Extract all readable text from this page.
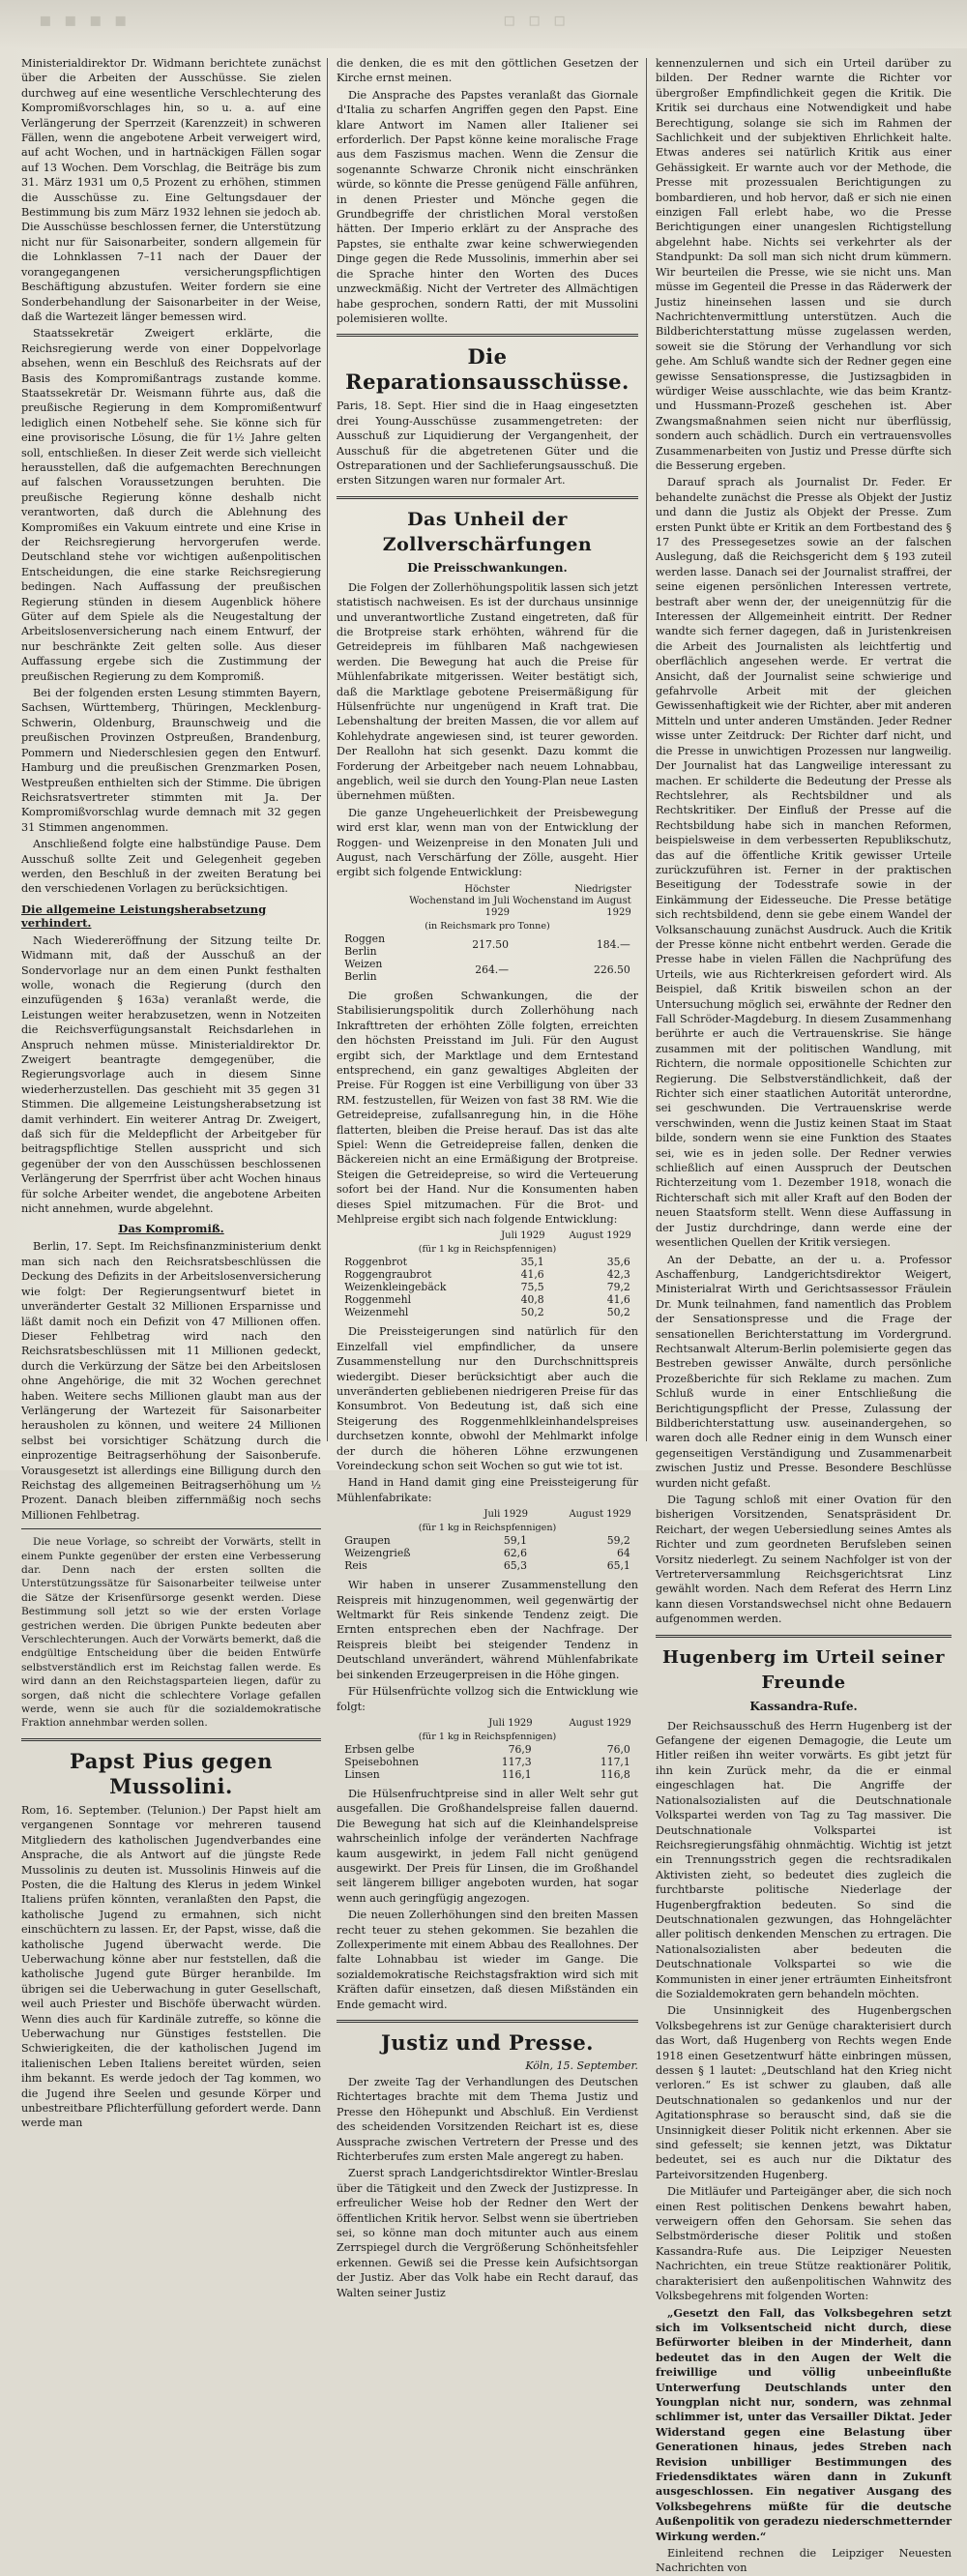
▪ ▪ ▪ ▪	▫ ▫ ▫

Ministerialdirektor Dr. Widmann berichtete zunächst über die Arbeiten der Ausschüsse. Sie zielen durchweg auf eine wesentliche Verschlechterung des Kompromißvorschlages hin, so u. a. auf eine Verlängerung der Sperrzeit (Karenzzeit) in schweren Fällen, wenn die angebotene Arbeit verweigert wird, auf acht Wochen, und in hartnäckigen Fällen sogar auf 13 Wochen. Dem Vorschlag, die Beiträge bis zum 31. März 1931 um 0,5 Prozent zu erhöhen, stimmen die Ausschüsse zu. Eine Geltungsdauer der Bestimmung bis zum März 1932 lehnen sie jedoch ab. Die Ausschüsse beschlossen ferner, die Unterstützung nicht nur für Saisonarbeiter, sondern allgemein für die Lohnklassen 7–11 nach der Dauer der vorangegangenen versicherungspflichtigen Beschäftigung abzustufen. Weiter fordern sie eine Sonderbehandlung der Saisonarbeiter in der Weise, daß die Wartezeit länger bemessen wird.

Staatssekretär Zweigert erklärte, die Reichsregierung werde von einer Doppelvorlage absehen, wenn ein Beschluß des Reichsrats auf der Basis des Kompromißantrags zustande komme. Staatssekretär Dr. Weismann führte aus, daß die preußische Regierung in dem Kompromißentwurf lediglich einen Notbehelf sehe. Sie könne sich für eine provisorische Lösung, die für 1½ Jahre gelten soll, entschließen. In dieser Zeit werde sich vielleicht herausstellen, daß die aufgemachten Berechnungen auf falschen Voraussetzungen beruhten. Die preußische Regierung könne deshalb nicht verantworten, daß durch die Ablehnung des Kompromißes ein Vakuum eintrete und eine Krise in der Reichsregierung hervorgerufen werde. Deutschland stehe vor wichtigen außenpolitischen Entscheidungen, die eine starke Reichsregierung bedingen. Nach Auffassung der preußischen Regierung stünden in diesem Augenblick höhere Güter auf dem Spiele als die Neugestaltung der Arbeitslosenversicherung nach einem Entwurf, der nur beschränkte Zeit gelten solle. Aus dieser Auffassung ergebe sich die Zustimmung der preußischen Regierung zu dem Kompromiß.

Bei der folgenden ersten Lesung stimmten Bayern, Sachsen, Württemberg, Thüringen, Mecklenburg-Schwerin, Oldenburg, Braunschweig und die preußischen Provinzen Ostpreußen, Brandenburg, Pommern und Niederschlesien gegen den Entwurf. Hamburg und die preußischen Grenzmarken Posen, Westpreußen enthielten sich der Stimme. Die übrigen Reichsratsvertreter stimmten mit Ja. Der Kompromißvorschlag wurde demnach mit 32 gegen 31 Stimmen angenommen.

Anschließend folgte eine halbstündige Pause. Dem Ausschuß sollte Zeit und Gelegenheit gegeben werden, den Beschluß in der zweiten Beratung bei den verschiedenen Vorlagen zu berücksichtigen.

Die allgemeine Leistungsherabsetzung verhindert.

Nach Wiedereröffnung der Sitzung teilte Dr. Widmann mit, daß der Ausschuß an der Sondervorlage nur an dem einen Punkt festhalten wolle, wonach die Regierung (durch den einzufügenden § 163a) veranlaßt werde, die Leistungen weiter herabzusetzen, wenn in Notzeiten die Reichsverfügungsanstalt Reichsdarlehen in Anspruch nehmen müsse. Ministerialdirektor Dr. Zweigert beantragte demgegenüber, die Regierungsvorlage auch in diesem Sinne wiederherzustellen. Das geschieht mit 35 gegen 31 Stimmen. Die allgemeine Leistungsherabsetzung ist damit verhindert. Ein weiterer Antrag Dr. Zweigert, daß sich für die Meldepflicht der Arbeitgeber für beitragspflichtige Stellen ausspricht und sich gegenüber der von den Ausschüssen beschlossenen Verlängerung der Sperrfrist über acht Wochen hinaus für solche Arbeiter wendet, die angebotene Arbeiten nicht annehmen, wurde abgelehnt.

Das Kompromiß.

Berlin, 17. Sept. Im Reichsfinanzministerium denkt man sich nach den Reichsratsbeschlüssen die Deckung des Defizits in der Arbeitslosenversicherung wie folgt: Der Regierungsentwurf bietet in unveränderter Gestalt 32 Millionen Ersparnisse und läßt damit noch ein Defizit von 47 Millionen offen. Dieser Fehlbetrag wird nach den Reichsratsbeschlüssen mit 11 Millionen gedeckt, durch die Verkürzung der Sätze bei den Arbeitslosen ohne Angehörige, die mit 32 Wochen gerechnet haben. Weitere sechs Millionen glaubt man aus der Verlängerung der Wartezeit für Saisonarbeiter herausholen zu können, und weitere 24 Millionen selbst bei vorsichtiger Schätzung durch die einprozentige Beitragserhöhung der Saisonberufe. Vorausgesetzt ist allerdings eine Billigung durch den Reichstag des allgemeinen Beitragserhöhung um ½ Prozent. Danach bleiben ziffernmäßig noch sechs Millionen Fehlbetrag.

Die neue Vorlage, so schreibt der Vorwärts, stellt in einem Punkte gegenüber der ersten eine Verbesserung dar. Denn nach der ersten sollten die Unterstützungssätze für Saisonarbeiter teilweise unter die Sätze der Krisenfürsorge gesenkt werden. Diese Bestimmung soll jetzt so wie der ersten Vorlage gestrichen werden. Die übrigen Punkte bedeuten aber Verschlechterungen. Auch der Vorwärts bemerkt, daß die endgültige Entscheidung über die beiden Entwürfe selbstverständlich erst im Reichstag fallen werde. Es wird dann an den Reichstagsparteien liegen, dafür zu sorgen, daß nicht die schlechtere Vorlage gefallen werde, wenn sie auch für die sozialdemokratische Fraktion annehmbar werden sollen.

Papst Pius gegen Mussolini.

Rom, 16. September. (Telunion.) Der Papst hielt am vergangenen Sonntage vor mehreren tausend Mitgliedern des katholischen Jugendverbandes eine Ansprache, die als Antwort auf die jüngste Rede Mussolinis zu deuten ist. Mussolinis Hinweis auf die Posten, die die Haltung des Klerus in jedem Winkel Italiens prüfen könnten, veranlaßten den Papst, die katholische Jugend zu ermahnen, sich nicht einschüchtern zu lassen. Er, der Papst, wisse, daß die katholische Jugend überwacht werde. Die Ueberwachung könne aber nur feststellen, daß die katholische Jugend gute Bürger heranbilde. Im übrigen sei die Ueberwachung in guter Gesellschaft, weil auch Priester und Bischöfe überwacht würden. Wenn dies auch für Kardinäle zutreffe, so könne die Ueberwachung nur Günstiges feststellen. Die Schwierigkeiten, die der katholischen Jugend im italienischen Leben Italiens bereitet würden, seien ihm bekannt. Es werde jedoch der Tag kommen, wo die Jugend ihre Seelen und gesunde Körper und unbestreitbare Pflichterfüllung gefordert werde. Dann werde man

die denken, die es mit den göttlichen Gesetzen der Kirche ernst meinen.

Die Ansprache des Papstes veranlaßt das Giornale d'Italia zu scharfen Angriffen gegen den Papst. Eine klare Antwort im Namen aller Italiener sei erforderlich. Der Papst könne keine moralische Frage aus dem Faszismus machen. Wenn die Zensur die sogenannte Schwarze Chronik nicht einschränken würde, so könnte die Presse genügend Fälle anführen, in denen Priester und Mönche gegen die Grundbegriffe der christlichen Moral verstoßen hätten. Der Imperio erklärt zu der Ansprache des Papstes, sie enthalte zwar keine schwerwiegenden Dinge gegen die Rede Mussolinis, immerhin aber sei die Sprache hinter den Worten des Duces unzweckmäßig. Nicht der Vertreter des Allmächtigen habe gesprochen, sondern Ratti, der mit Mussolini polemisieren wollte.

Die Reparationsausschüsse.

Paris, 18. Sept. Hier sind die in Haag eingesetzten drei Young-Ausschüsse zusammengetreten: der Ausschuß zur Liquidierung der Vergangenheit, der Ausschuß für die abgetretenen Güter und die Ostreparationen und der Sachlieferungsausschuß. Die ersten Sitzungen waren nur formaler Art.

Das Unheil der Zollverschärfungen
Die Preisschwankungen.

Die Folgen der Zollerhöhungspolitik lassen sich jetzt statistisch nachweisen. Es ist der durchaus unsinnige und unverantwortliche Zustand eingetreten, daß für die Brotpreise stark erhöhten, während für die Getreidepreis im fühlbaren Maß nachgewiesen werden. Die Bewegung hat auch die Preise für Mühlenfabrikate mitgerissen. Weiter bestätigt sich, daß die Marktlage gebotene Preisermäßigung für Hülsenfrüchte nur ungenügend in Kraft trat. Die Lebenshaltung der breiten Massen, die vor allem auf Kohlehydrate angewiesen sind, ist teurer geworden. Der Reallohn hat sich gesenkt. Dazu kommt die Forderung der Arbeitgeber nach neuem Lohnabbau, angeblich, weil sie durch den Young-Plan neue Lasten übernehmen müßten.

Die ganze Ungeheuerlichkeit der Preisbewegung wird erst klar, wenn man von der Entwicklung der Roggen- und Weizenpreise in den Monaten Juli und August, nach Verschärfung der Zölle, ausgeht. Hier ergibt sich folgende Entwicklung:

	Höchster Wochenstand im Juli 1929	Niedrigster Wochenstand im August 1929
(in Reichsmark pro Tonne)		
Roggen Berlin	217.50	184.—
Weizen Berlin	264.—	226.50

Die großen Schwankungen, die der Stabilisierungspolitik durch Zollerhöhung nach Inkrafttreten der erhöhten Zölle folgten, erreichten den höchsten Preisstand im Juli. Für den August ergibt sich, der Marktlage und dem Erntestand entsprechend, ein ganz gewaltiges Abgleiten der Preise. Für Roggen ist eine Verbilligung von über 33 RM. festzustellen, für Weizen von fast 38 RM. Wie die Getreidepreise, zufallsanregung hin, in die Höhe flatterten, bleiben die Preise herauf. Das ist das alte Spiel: Wenn die Getreidepreise fallen, denken die Bäckereien nicht an eine Ermäßigung der Brotpreise. Steigen die Getreidepreise, so wird die Verteuerung sofort bei der Hand. Nur die Konsumenten haben dieses Spiel mitzumachen. Für die Brot- und Mehlpreise ergibt sich nach folgende Entwicklung:

	Juli 1929	August 1929
(für 1 kg in Reichspfennigen)		
Roggenbrot	35,1	35,6
Roggengraubrot	41,6	42,3
Weizenkleingebäck	75,5	79,2
Roggenmehl	40,8	41,6
Weizenmehl	50,2	50,2

Die Preissteigerungen sind natürlich für den Einzelfall viel empfindlicher, da unsere Zusammenstellung nur den Durchschnittspreis wiedergibt. Dieser berücksichtigt aber auch die unveränderten gebliebenen niedrigeren Preise für das Konsumbrot. Von Bedeutung ist, daß sich eine Steigerung des Roggenmehlkleinhandelspreises durchsetzen konnte, obwohl der Mehlmarkt infolge der durch die höheren Löhne erzwungenen Voreindeckung schon seit Wochen so gut wie tot ist.

Hand in Hand damit ging eine Preissteigerung für Mühlenfabrikate:

	Juli 1929	August 1929
(für 1 kg in Reichspfennigen)		
Graupen	59,1	59,2
Weizengrieß	62,6	64
Reis	65,3	65,1

Wir haben in unserer Zusammenstellung den Reispreis mit hinzugenommen, weil gegenwärtig der Weltmarkt für Reis sinkende Tendenz zeigt. Die Ernten entsprechen eben der Nachfrage. Der Reispreis bleibt bei steigender Tendenz in Deutschland unverändert, während Mühlenfabrikate bei sinkenden Erzeugerpreisen in die Höhe gingen.

Für Hülsenfrüchte vollzog sich die Entwicklung wie folgt:

	Juli 1929	August 1929
(für 1 kg in Reichspfennigen)		
Erbsen gelbe	76,9	76,0
Speisebohnen	117,3	117,1
Linsen	116,1	116,8

Die Hülsenfruchtpreise sind in aller Welt sehr gut ausgefallen. Die Großhandelspreise fallen dauernd. Die Bewegung hat sich auf die Kleinhandelspreise wahrscheinlich infolge der veränderten Nachfrage kaum ausgewirkt, in jedem Fall nicht genügend ausgewirkt. Der Preis für Linsen, die im Großhandel seit längerem billiger angeboten wurden, hat sogar wenn auch geringfügig angezogen.

Die neuen Zollerhöhungen sind den breiten Massen recht teuer zu stehen gekommen. Sie bezahlen die Zollexperimente mit einem Abbau des Reallohnes. Der falte Lohnabbau ist wieder im Gange. Die sozialdemokratische Reichstagsfraktion wird sich mit Kräften dafür einsetzen, daß diesen Mißständen ein Ende gemacht wird.

Justiz und Presse.
Köln, 15. September.

Der zweite Tag der Verhandlungen des Deutschen Richtertages brachte mit dem Thema Justiz und Presse den Höhepunkt und Abschluß. Ein Verdienst des scheidenden Vorsitzenden Reichart ist es, diese Aussprache zwischen Vertretern der Presse und des Richterberufes zum ersten Male angeregt zu haben.

Zuerst sprach Landgerichtsdirektor Wintler-Breslau über die Tätigkeit und den Zweck der Justizpresse. In erfreulicher Weise hob der Redner den Wert der öffentlichen Kritik hervor. Selbst wenn sie übertrieben sei, so könne man doch mitunter auch aus einem Zerrspiegel durch die Vergrößerung Schönheitsfehler erkennen. Gewiß sei die Presse kein Aufsichtsorgan der Justiz. Aber das Volk habe ein Recht darauf, das Walten seiner Justiz

kennenzulernen und sich ein Urteil darüber zu bilden. Der Redner warnte die Richter vor übergroßer Empfindlichkeit gegen die Kritik. Die Kritik sei durchaus eine Notwendigkeit und habe Berechtigung, solange sie sich im Rahmen der Sachlichkeit und der subjektiven Ehrlichkeit halte. Etwas anderes sei natürlich Kritik aus einer Gehässigkeit. Er warnte auch vor der Methode, die Presse mit prozessualen Berichtigungen zu bombardieren, und hob hervor, daß er sich nie einen einzigen Fall erlebt habe, wo die Presse Berichtigungen einer unangeslen Richtigstellung abgelehnt habe. Nichts sei verkehrter als der Standpunkt: Da soll man sich nicht drum kümmern. Wir beurteilen die Presse, wie sie nicht uns. Man müsse im Gegenteil die Presse in das Räderwerk der Justiz hineinsehen lassen und sie durch Nachrichtenvermittlung unterstützen. Auch die Bildberichterstattung müsse zugelassen werden, soweit sie die Störung der Verhandlung vor sich gehe. Am Schluß wandte sich der Redner gegen eine gewisse Sensationspresse, die Justizsagbiden in würdiger Weise ausschlachte, wie das beim Krantz- und Hussmann-Prozeß geschehen ist. Aber Zwangsmaßnahmen seien nicht nur überflüssig, sondern auch schädlich. Durch ein vertrauensvolles Zusammenarbeiten von Justiz und Presse dürfte sich die Besserung ergeben.

Darauf sprach als Journalist Dr. Feder. Er behandelte zunächst die Presse als Objekt der Justiz und dann die Justiz als Objekt der Presse. Zum ersten Punkt übte er Kritik an dem Fortbestand des § 17 des Pressegesetzes sowie an der falschen Auslegung, daß die Reichsgericht dem § 193 zuteil werden lasse. Danach sei der Journalist straffrei, der seine eigenen persönlichen Interessen vertrete, bestraft aber wenn der, der uneigennützig für die Interessen der Allgemeinheit eintritt. Der Redner wandte sich ferner dagegen, daß in Juristenkreisen die Arbeit des Journalisten als leichtfertig und oberflächlich angesehen werde. Er vertrat die Ansicht, daß der Journalist seine schwierige und gefahrvolle Arbeit mit der gleichen Gewissenhaftigkeit wie der Richter, aber mit anderen Mitteln und unter anderen Umständen. Jeder Redner wisse unter Zeitdruck: Der Richter darf nicht, und die Presse in unwichtigen Prozessen nur langweilig. Der Journalist hat das Langweilige interessant zu machen. Er schilderte die Bedeutung der Presse als Rechtslehrer, als Rechtsbildner und als Rechtskritiker. Der Einfluß der Presse auf die Rechtsbildung habe sich in manchen Reformen, beispielsweise in dem verbesserten Republikschutz, das auf die öffentliche Kritik gewisser Urteile zurückzuführen ist. Ferner in der praktischen Beseitigung der Todesstrafe sowie in der Einkämmung der Eidesseuche. Die Presse betätige sich rechtsbildend, denn sie gebe einem Wandel der Volksanschauung zunächst Ausdruck. Auch die Kritik der Presse könne nicht entbehrt werden. Gerade die Presse habe in vielen Fällen die Nachprüfung des Urteils, wie aus Richterkreisen gefordert wird. Als Beispiel, daß Kritik bisweilen schon an der Untersuchung möglich sei, erwähnte der Redner den Fall Schröder-Magdeburg. In diesem Zusammenhang berührte er auch die Vertrauenskrise. Sie hänge zusammen mit der politischen Wandlung, mit Richtern, die normale oppositionelle Schichten zur Regierung. Die Selbstverständlichkeit, daß der Richter sich einer staatlichen Autorität unterordne, sei geschwunden. Die Vertrauenskrise werde verschwinden, wenn die Justiz keinen Staat im Staat bilde, sondern wenn sie eine Funktion des Staates sei, wie es in jeden solle. Der Redner verwies schließlich auf einen Ausspruch der Deutschen Richterzeitung vom 1. Dezember 1918, wonach die Richterschaft sich mit aller Kraft auf den Boden der neuen Staatsform stellt. Wenn diese Auffassung in der Justiz durchdringe, dann werde eine der wesentlichen Quellen der Kritik versiegen.

An der Debatte, an der u. a. Professor Aschaffenburg, Landgerichtsdirektor Weigert, Ministerialrat Wirth und Gerichtsassessor Fräulein Dr. Munk teilnahmen, fand namentlich das Problem der Sensationspresse und die Frage der sensationellen Berichterstattung im Vordergrund. Rechtsanwalt Alterum-Berlin polemisierte gegen das Bestreben gewisser Anwälte, durch persönliche Prozeßberichte für sich Reklame zu machen. Zum Schluß wurde in einer Entschließung die Berichtigungspflicht der Presse, Zulassung der Bildberichterstattung usw. auseinandergehen, so waren doch alle Redner einig in dem Wunsch einer gegenseitigen Verständigung und Zusammenarbeit zwischen Justiz und Presse. Besondere Beschlüsse wurden nicht gefaßt.

Die Tagung schloß mit einer Ovation für den bisherigen Vorsitzenden, Senatspräsident Dr. Reichart, der wegen Uebersiedlung seines Amtes als Richter und zum geordneten Berufsleben seinen Vorsitz niederlegt. Zu seinem Nachfolger ist von der Vertreterversammlung Reichsgerichtsrat Linz gewählt worden. Nach dem Referat des Herrn Linz kann diesen Vorstandswechsel nicht ohne Bedauern aufgenommen werden.

Hugenberg im Urteil seiner Freunde
Kassandra-Rufe.

Der Reichsausschuß des Herrn Hugenberg ist der Gefangene der eigenen Demagogie, die Leute um Hitler reißen ihn weiter vorwärts. Es gibt jetzt für ihn kein Zurück mehr, da die er einmal eingeschlagen hat. Die Angriffe der Nationalsozialisten auf die Deutschnationale Volkspartei werden von Tag zu Tag massiver. Die Deutschnationale Volkspartei ist Reichsregierungsfähig ohnmächtig. Wichtig ist jetzt ein Trennungsstrich gegen die rechtsradikalen Aktivisten zieht, so bedeutet dies zugleich die furchtbarste politische Niederlage der Hugenbergfraktion bedeuten. So sind die Deutschnationalen gezwungen, das Hohngelächter aller politisch denkenden Menschen zu ertragen. Die Nationalsozialisten aber bedeuten die Deutschnationale Volkspartei so wie die Kommunisten in einer jener erträumten Einheitsfront die Sozialdemokraten gern behandeln möchten.

Die Unsinnigkeit des Hugenbergschen Volksbegehrens ist zur Genüge charakterisiert durch das Wort, daß Hugenberg von Rechts wegen Ende 1918 einen Gesetzentwurf hätte einbringen müssen, dessen § 1 lautet: „Deutschland hat den Krieg nicht verloren.“ Es ist schwer zu glauben, daß alle Deutschnationalen so gedankenlos und nur der Agitationsphrase so berauscht sind, daß sie die Unsinnigkeit dieser Politik nicht erkennen. Aber sie sind gefesselt; sie kennen jetzt, was Diktatur bedeutet, sei es auch nur die Diktatur des Parteivorsitzenden Hugenberg.

Die Mitläufer und Parteigänger aber, die sich noch einen Rest politischen Denkens bewahrt haben, verweigern offen den Gehorsam. Sie sehen das Selbstmörderische dieser Politik und stoßen Kassandra-Rufe aus. Die Leipziger Neuesten Nachrichten, ein treue Stütze reaktionärer Politik, charakterisiert den außenpolitischen Wahnwitz des Volksbegehrens mit folgenden Worten:

„Gesetzt den Fall, das Volksbegehren setzt sich im Volksentscheid nicht durch, diese Befürworter bleiben in der Minderheit, dann bedeutet das in den Augen der Welt die freiwillige und völlig unbeeinflußte Unterwerfung Deutschlands unter den Youngplan nicht nur, sondern, was zehnmal schlimmer ist, unter das Versailler Diktat. Jeder Widerstand gegen eine Belastung über Generationen hinaus, jedes Streben nach Revision unbilliger Bestimmungen des Friedensdiktates wären dann in Zukunft ausgeschlossen. Ein negativer Ausgang des Volksbegehrens müßte für die deutsche Außenpolitik von geradezu niederschmetternder Wirkung werden.“

Einleitend rechnen die Leipziger Neuesten Nachrichten von
